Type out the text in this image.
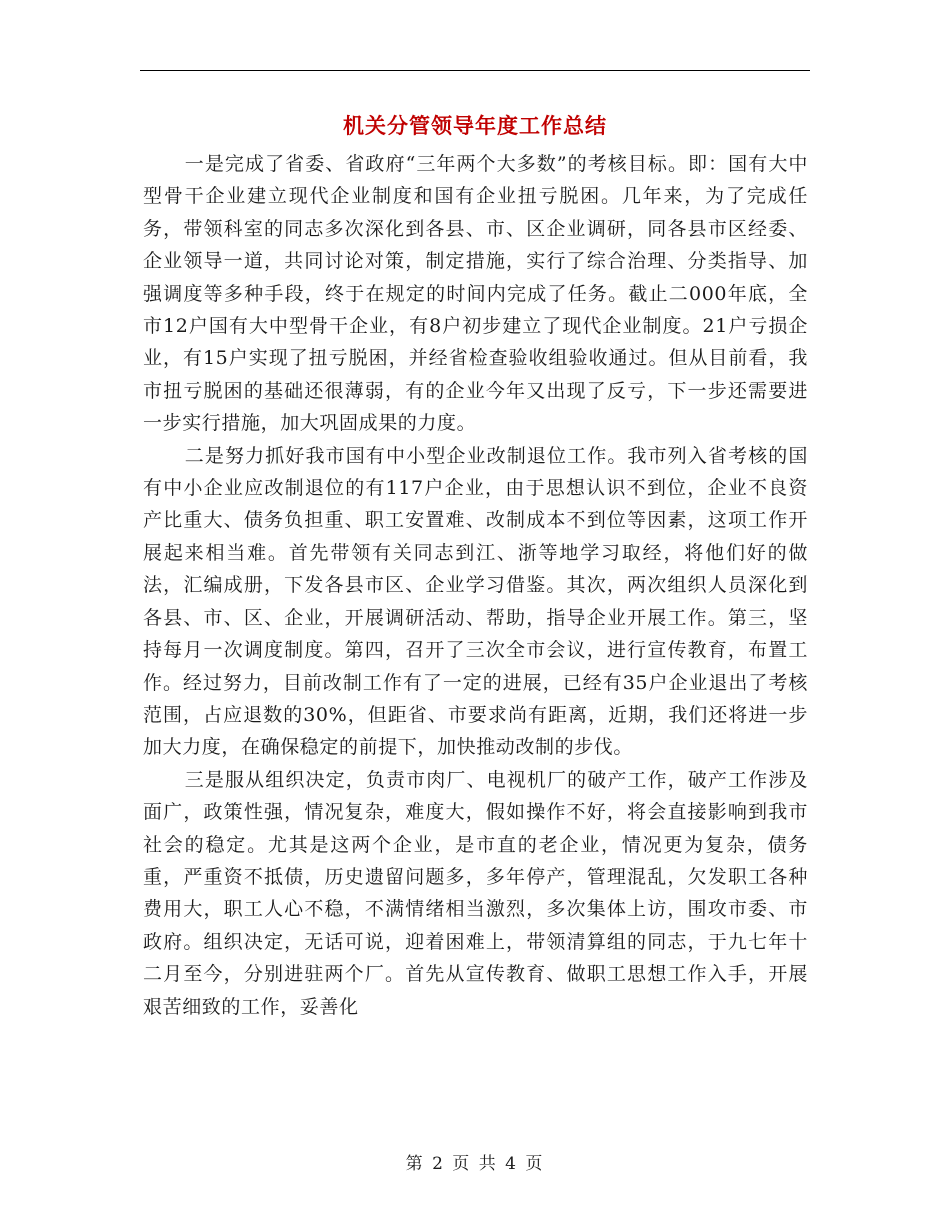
机关分管领导年度工作总结

一是完成了省委、省政府“三年两个大多数”的考核目标。即：国有大中型骨干企业建立现代企业制度和国有企业扭亏脱困。几年来，为了完成任务，带领科室的同志多次深化到各县、市、区企业调研，同各县市区经委、企业领导一道，共同讨论对策，制定措施，实行了综合治理、分类指导、加强调度等多种手段，终于在规定的时间内完成了任务。截止二000年底，全市12户国有大中型骨干企业，有8户初步建立了现代企业制度。21户亏损企业，有15户实现了扭亏脱困，并经省检查验收组验收通过。但从目前看，我市扭亏脱困的基础还很薄弱，有的企业今年又出现了反亏，下一步还需要进一步实行措施，加大巩固成果的力度。

二是努力抓好我市国有中小型企业改制退位工作。我市列入省考核的国有中小企业应改制退位的有117户企业，由于思想认识不到位，企业不良资产比重大、债务负担重、职工安置难、改制成本不到位等因素，这项工作开展起来相当难。首先带领有关同志到江、浙等地学习取经，将他们好的做法，汇编成册，下发各县市区、企业学习借鉴。其次，两次组织人员深化到各县、市、区、企业，开展调研活动、帮助，指导企业开展工作。第三，坚持每月一次调度制度。第四，召开了三次全市会议，进行宣传教育，布置工作。经过努力，目前改制工作有了一定的进展，已经有35户企业退出了考核范围，占应退数的30%，但距省、市要求尚有距离，近期，我们还将进一步加大力度，在确保稳定的前提下，加快推动改制的步伐。

三是服从组织决定，负责市肉厂、电视机厂的破产工作，破产工作涉及面广，政策性强，情况复杂，难度大，假如操作不好，将会直接影响到我市社会的稳定。尤其是这两个企业，是市直的老企业，情况更为复杂，债务重，严重资不抵债，历史遗留问题多，多年停产，管理混乱，欠发职工各种费用大，职工人心不稳，不满情绪相当激烈，多次集体上访，围攻市委、市政府。组织决定，无话可说，迎着困难上，带领清算组的同志，于九七年十二月至今，分别进驻两个厂。首先从宣传教育、做职工思想工作入手，开展艰苦细致的工作，妥善化

第 2 页 共 4 页
